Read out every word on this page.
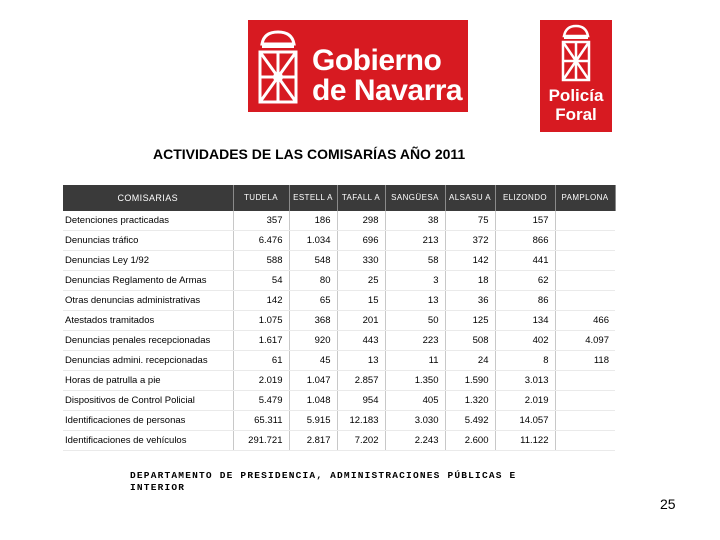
Gobierno
de Navarra	Policía
Foral
ACTIVIDADES DE LAS COMISARÍAS AÑO 2011
COMISARIAS	TUDELA	ESTELL A	TAFALL A	SANGÜESA	ALSASU A	ELIZONDO	PAMPLONA
Detenciones practicadas	357	186	298	38	75	157	
Denuncias tráfico	6.476	1.034	696	213	372	866	
Denuncias Ley 1/92	588	548	330	58	142	441	
Denuncias Reglamento de Armas	54	80	25	3	18	62	
Otras denuncias administrativas	142	65	15	13	36	86	
Atestados tramitados	1.075	368	201	50	125	134	466
Denuncias penales recepcionadas	1.617	920	443	223	508	402	4.097
Denuncias admini. recepcionadas	61	45	13	11	24	8	118
Horas de patrulla a pie	2.019	1.047	2.857	1.350	1.590	3.013	
Dispositivos de Control Policial	5.479	1.048	954	405	1.320	2.019	
Identificaciones de personas	65.311	5.915	12.183	3.030	5.492	14.057	
Identificaciones de vehículos	291.721	2.817	7.202	2.243	2.600	11.122	
DEPARTAMENTO DE PRESIDENCIA, ADMINISTRACIONES PÚBLICAS E INTERIOR
25
